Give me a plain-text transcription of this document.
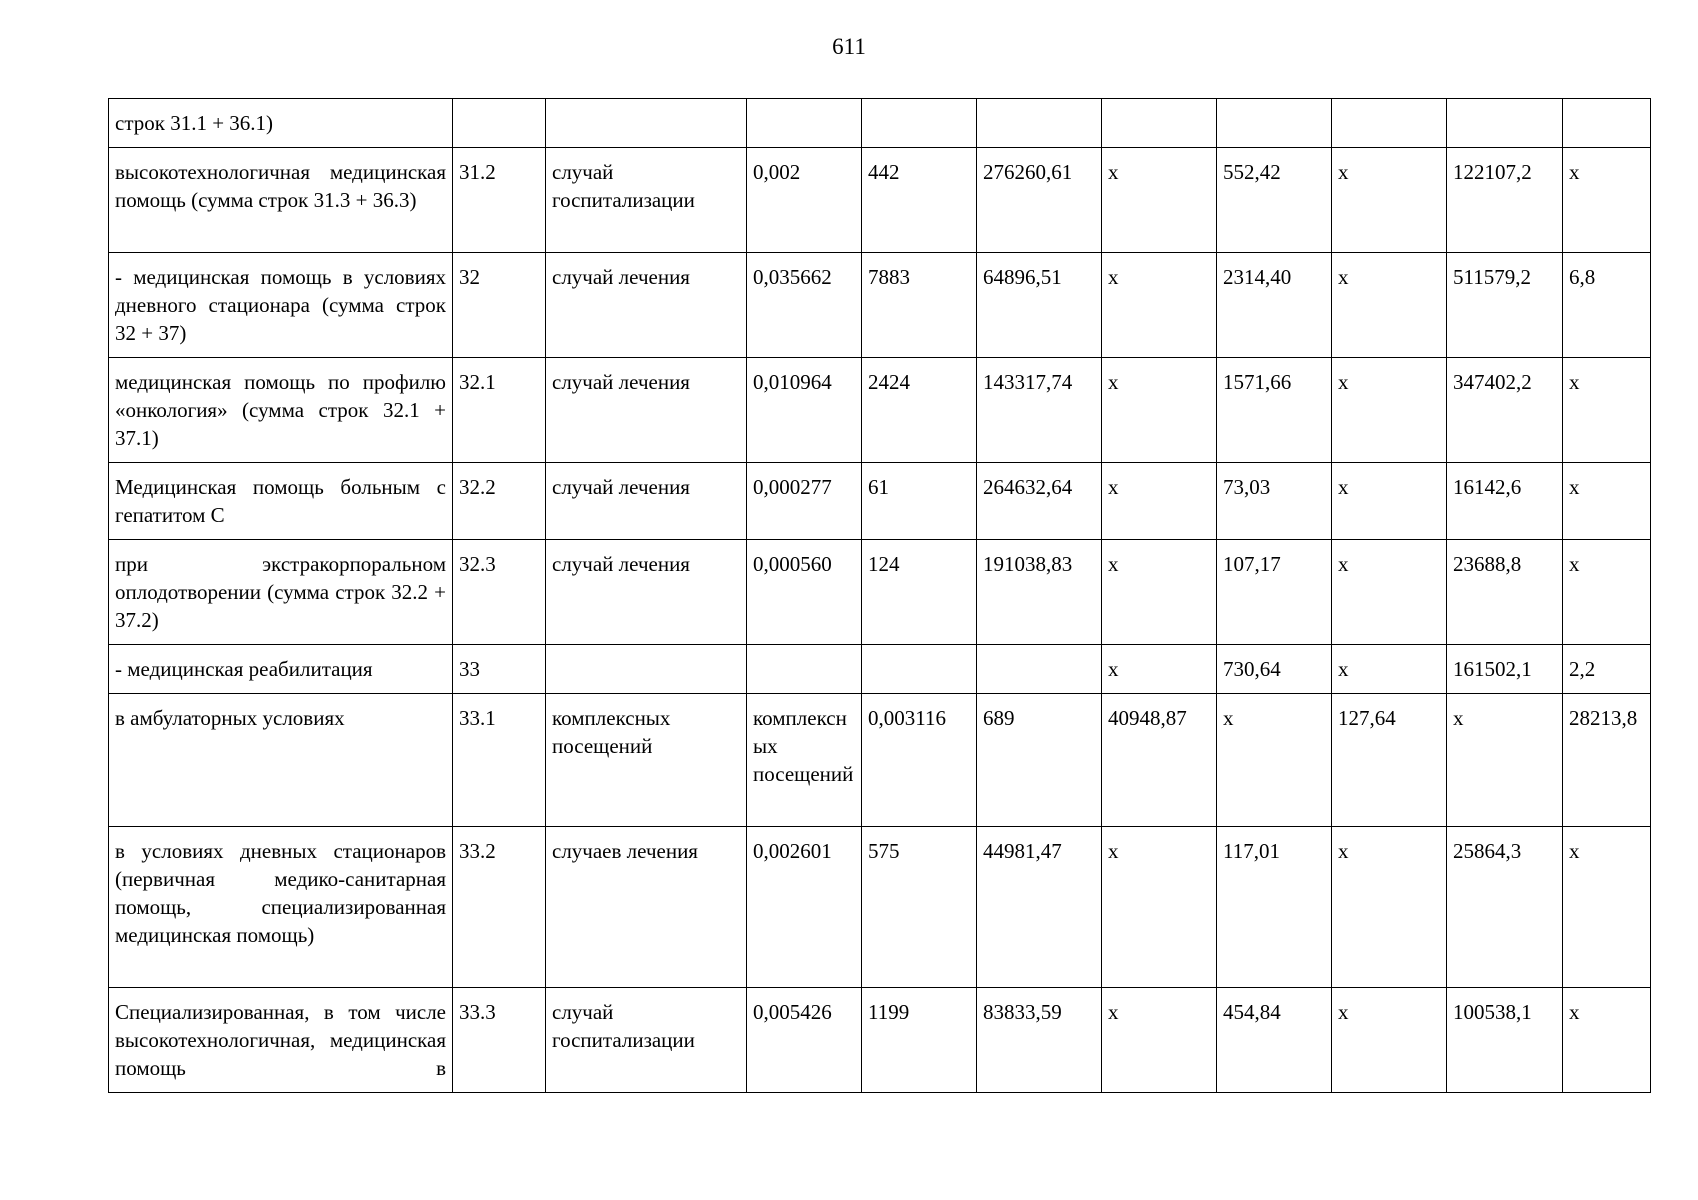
611
строк 31.1 + 36.1)										
высокотехнологичная медицинская помощь (сумма строк 31.3 + 36.3)	31.2	случай госпитализации	0,002	442	276260,61	х	552,42	х	122107,2	х
- медицинская помощь в условиях дневного стационара (сумма строк 32 + 37)	32	случай лечения	0,035662	7883	64896,51	х	2314,40	х	511579,2	6,8
медицинская помощь по профилю «онкология» (сумма строк 32.1 + 37.1)	32.1	случай лечения	0,010964	2424	143317,74	х	1571,66	х	347402,2	х
Медицинская помощь больным с гепатитом С	32.2	случай лечения	0,000277	61	264632,64	х	73,03	х	16142,6	х
при экстракорпоральном оплодотворении (сумма строк 32.2 + 37.2)	32.3	случай лечения	0,000560	124	191038,83	х	107,17	х	23688,8	х
- медицинская реабилитация	33					х	730,64	х	161502,1	2,2
в амбулаторных условиях	33.1	комплексных посещений	комплексных посещений	0,003116	689	40948,87	х	127,64	х	28213,8
в условиях дневных стационаров (первичная медико-санитарная помощь, специализированная медицинская помощь)	33.2	случаев лечения	0,002601	575	44981,47	х	117,01	х	25864,3	х
Специализированная, в том числе высокотехнологичная, медицинская помощь в	33.3	случай госпитализации	0,005426	1199	83833,59	х	454,84	х	100538,1	х
